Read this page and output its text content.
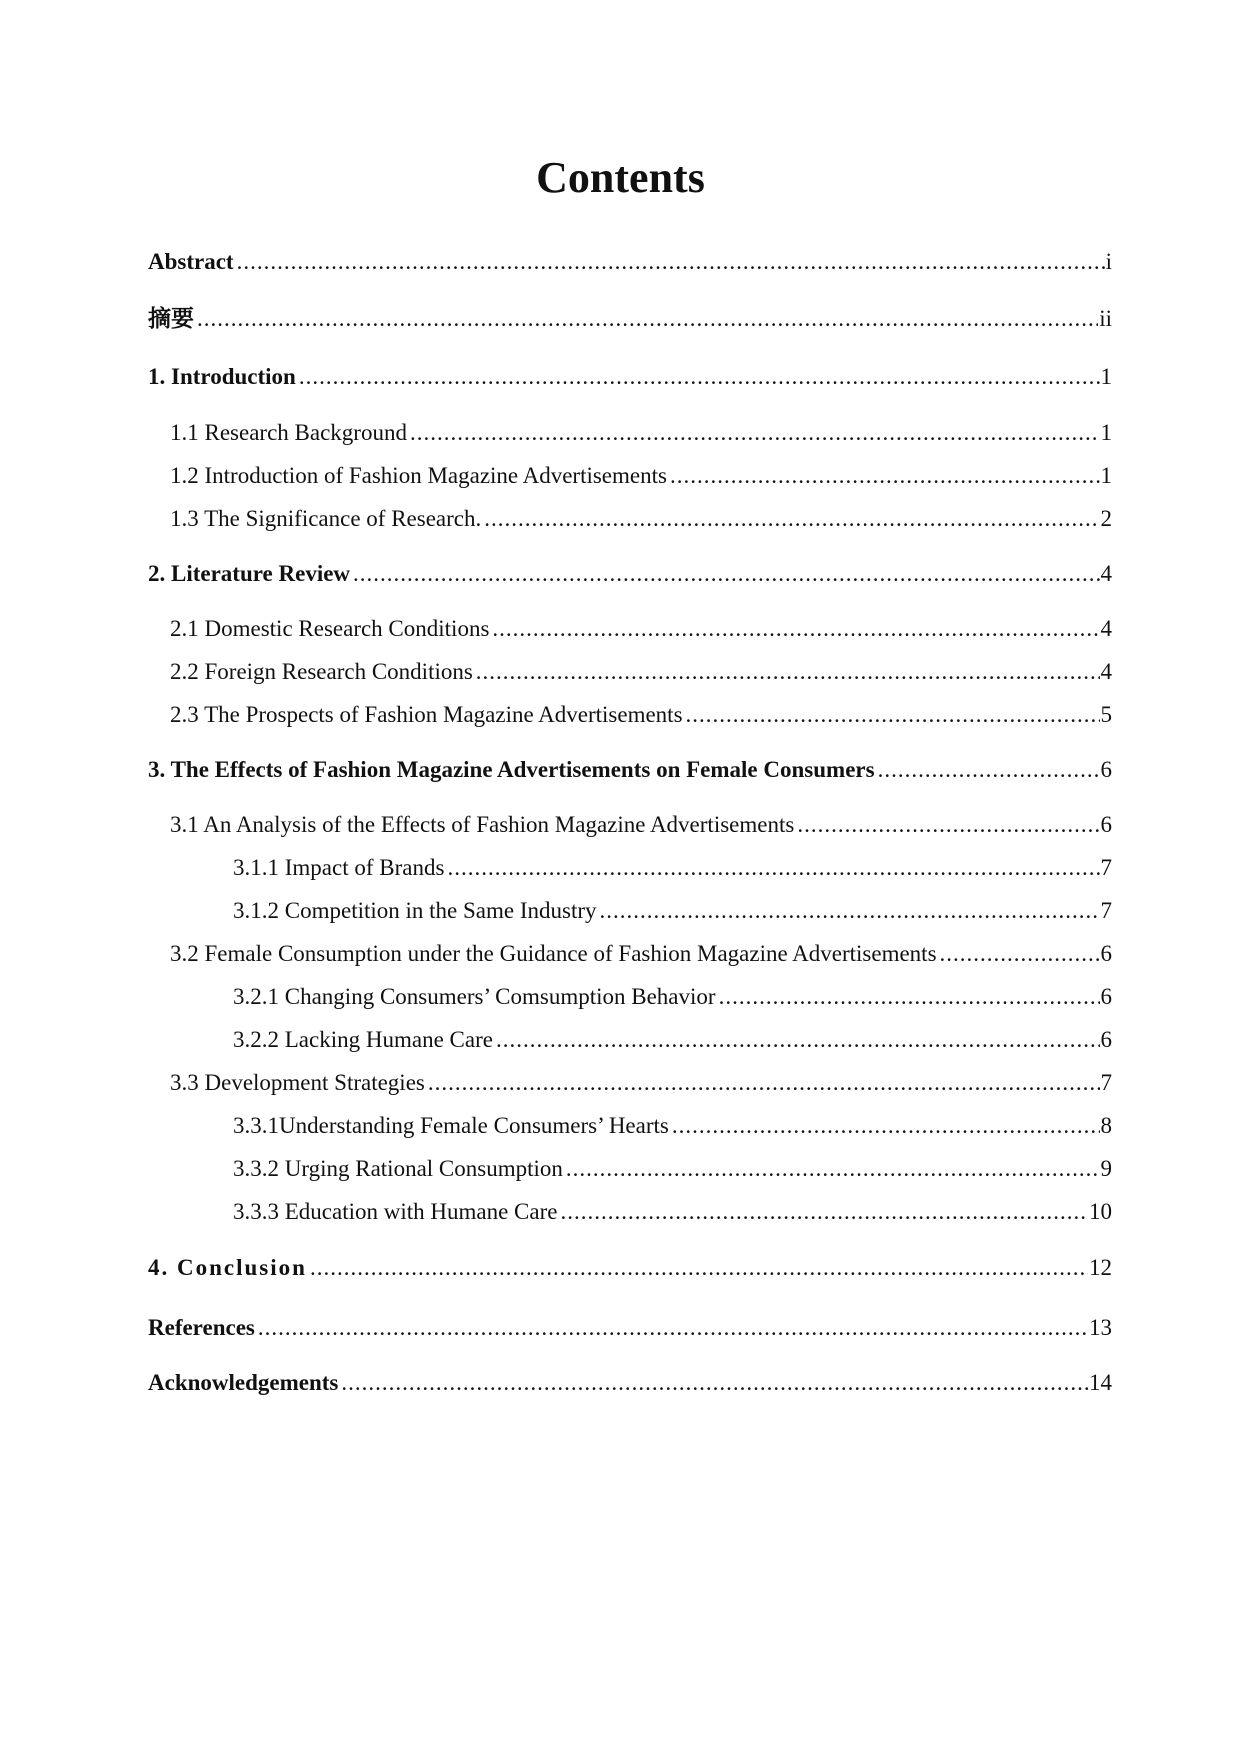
Contents
Abstract .....	i
摘要 .....	ii
1. Introduction .....	1
1.1 Research Background .....	1
1.2 Introduction of Fashion Magazine Advertisements .....	1
1.3 The Significance of Research. .....	2
2. Literature Review .....	4
2.1 Domestic Research Conditions .....	4
2.2 Foreign Research Conditions .....	4
2.3 The Prospects of Fashion Magazine Advertisements .....	5
3. The Effects of Fashion Magazine Advertisements on Female Consumers .....	6
3.1 An Analysis of the Effects of Fashion Magazine Advertisements .....	6
3.1.1 Impact of Brands .....	7
3.1.2 Competition in the Same Industry .....	7
3.2 Female Consumption under the Guidance of Fashion Magazine Advertisements .....	6
3.2.1 Changing Consumers’ Comsumption Behavior .....	6
3.2.2 Lacking Humane Care .....	6
3.3 Development Strategies .....	7
3.3.1Understanding Female Consumers’ Hearts .....	8
3.3.2 Urging Rational Consumption .....	9
3.3.3 Education with Humane Care .....	10
4. Conclusion .....	12
References .....	13
Acknowledgements .....	14
